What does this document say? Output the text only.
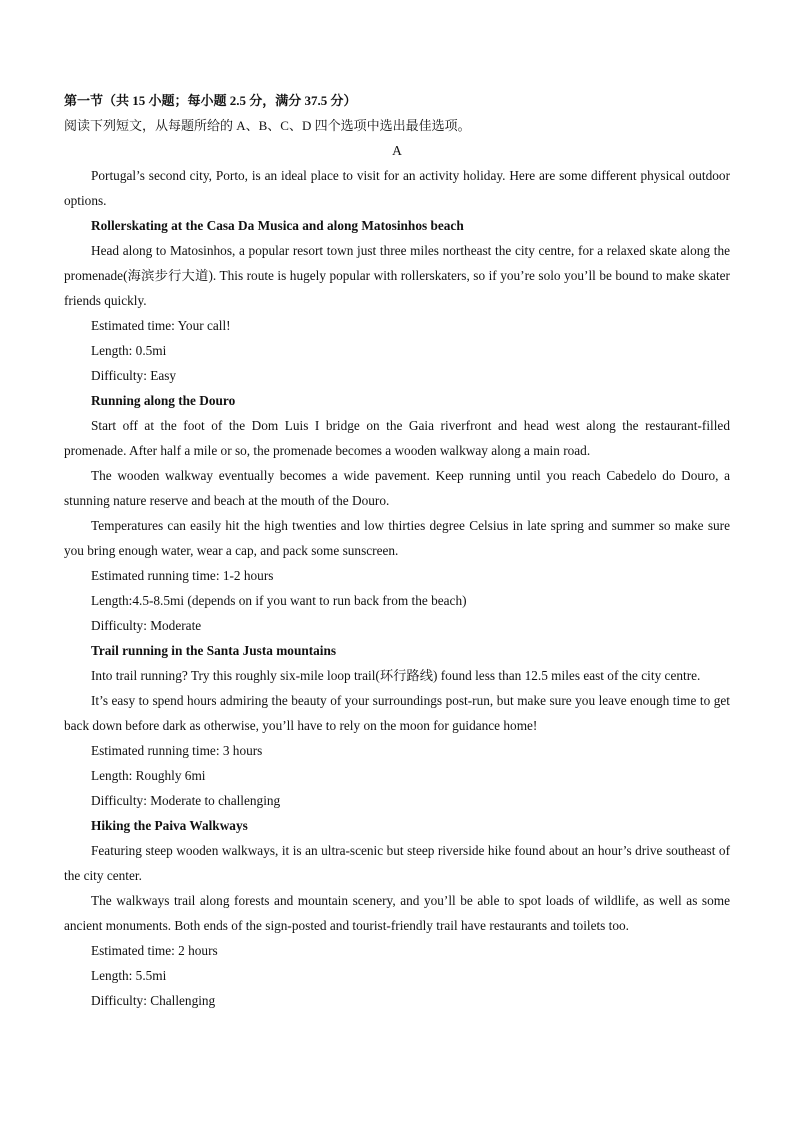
第一节（共 15 小题；每小题 2.5 分，满分 37.5 分）
阅读下列短文，从每题所给的 A、B、C、D 四个选项中选出最佳选项。
A

Portugal’s second city, Porto, is an ideal place to visit for an activity holiday. Here are some different physical outdoor options.

Rollerskating at the Casa Da Musica and along Matosinhos beach

Head along to Matosinhos, a popular resort town just three miles northeast the city centre, for a relaxed skate along the promenade(海滨步行大道). This route is hugely popular with rollerskaters, so if you’re solo you’ll be bound to make skater friends quickly.

Estimated time: Your call!

Length: 0.5mi

Difficulty: Easy

Running along the Douro

Start off at the foot of the Dom Luis I bridge on the Gaia riverfront and head west along the restaurant-filled promenade. After half a mile or so, the promenade becomes a wooden walkway along a main road.

The wooden walkway eventually becomes a wide pavement. Keep running until you reach Cabedelo do Douro, a stunning nature reserve and beach at the mouth of the Douro.

Temperatures can easily hit the high twenties and low thirties degree Celsius in late spring and summer so make sure you bring enough water, wear a cap, and pack some sunscreen.

Estimated running time: 1-2 hours

Length:4.5-8.5mi (depends on if you want to run back from the beach)

Difficulty: Moderate

Trail running in the Santa Justa mountains

Into trail running? Try this roughly six-mile loop trail(环行路线) found less than 12.5 miles east of the city centre.

It’s easy to spend hours admiring the beauty of your surroundings post-run, but make sure you leave enough time to get back down before dark as otherwise, you’ll have to rely on the moon for guidance home!

Estimated running time: 3 hours

Length: Roughly 6mi

Difficulty: Moderate to challenging

Hiking the Paiva Walkways

Featuring steep wooden walkways, it is an ultra-scenic but steep riverside hike found about an hour’s drive southeast of the city center.

The walkways trail along forests and mountain scenery, and you’ll be able to spot loads of wildlife, as well as some ancient monuments. Both ends of the sign-posted and tourist-friendly trail have restaurants and toilets too.

Estimated time: 2 hours

Length: 5.5mi

Difficulty: Challenging
